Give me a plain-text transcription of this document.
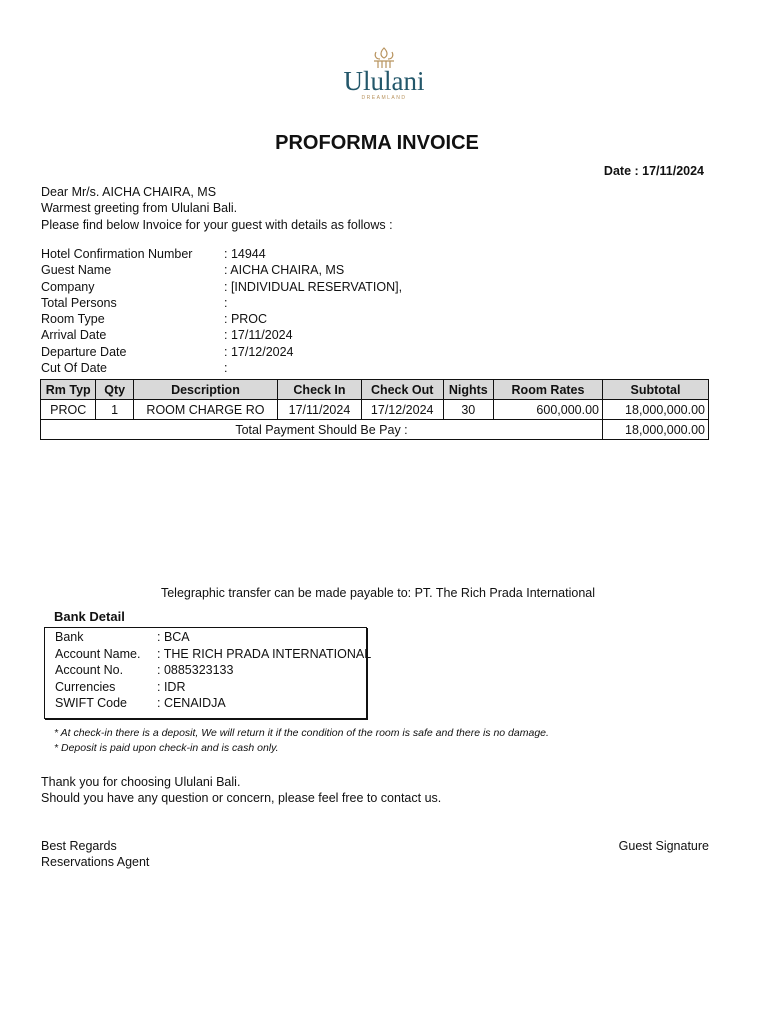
Ululani
DREAMLAND
PROFORMA INVOICE
Date : 17/11/2024
Dear Mr/s. AICHA CHAIRA, MS
Warmest greeting from Ululani Bali.
Please find below Invoice for your guest with details as follows :
Hotel Confirmation Number	: 14944
Guest Name	: AICHA CHAIRA, MS
Company	: [INDIVIDUAL RESERVATION],
Total Persons	:
Room Type	: PROC
Arrival Date	: 17/11/2024
Departure Date	: 17/12/2024
Cut Of Date	:
Rm Typ	Qty	Description	Check In	Check Out	Nights	Room Rates	Subtotal
PROC	1	ROOM CHARGE RO	17/11/2024	17/12/2024	30	600,000.00	18,000,000.00
Total Payment Should Be Pay :							18,000,000.00
Telegraphic transfer can be made payable to: PT. The Rich Prada International
Bank Detail
Bank	: BCA
Account Name. : THE RICH PRADA INTERNATIONAL
Account No.	: 0885323133
Currencies	: IDR
SWIFT Code : CENAIDJA
* At check-in there is a deposit, We will return it if the condition of the room is safe and there is no damage.
* Deposit is paid upon check-in and is cash only.
Thank you for choosing Ululani Bali.
Should you have any question or concern, please feel free to contact us.
Best Regards
Reservations Agent
Guest Signature
